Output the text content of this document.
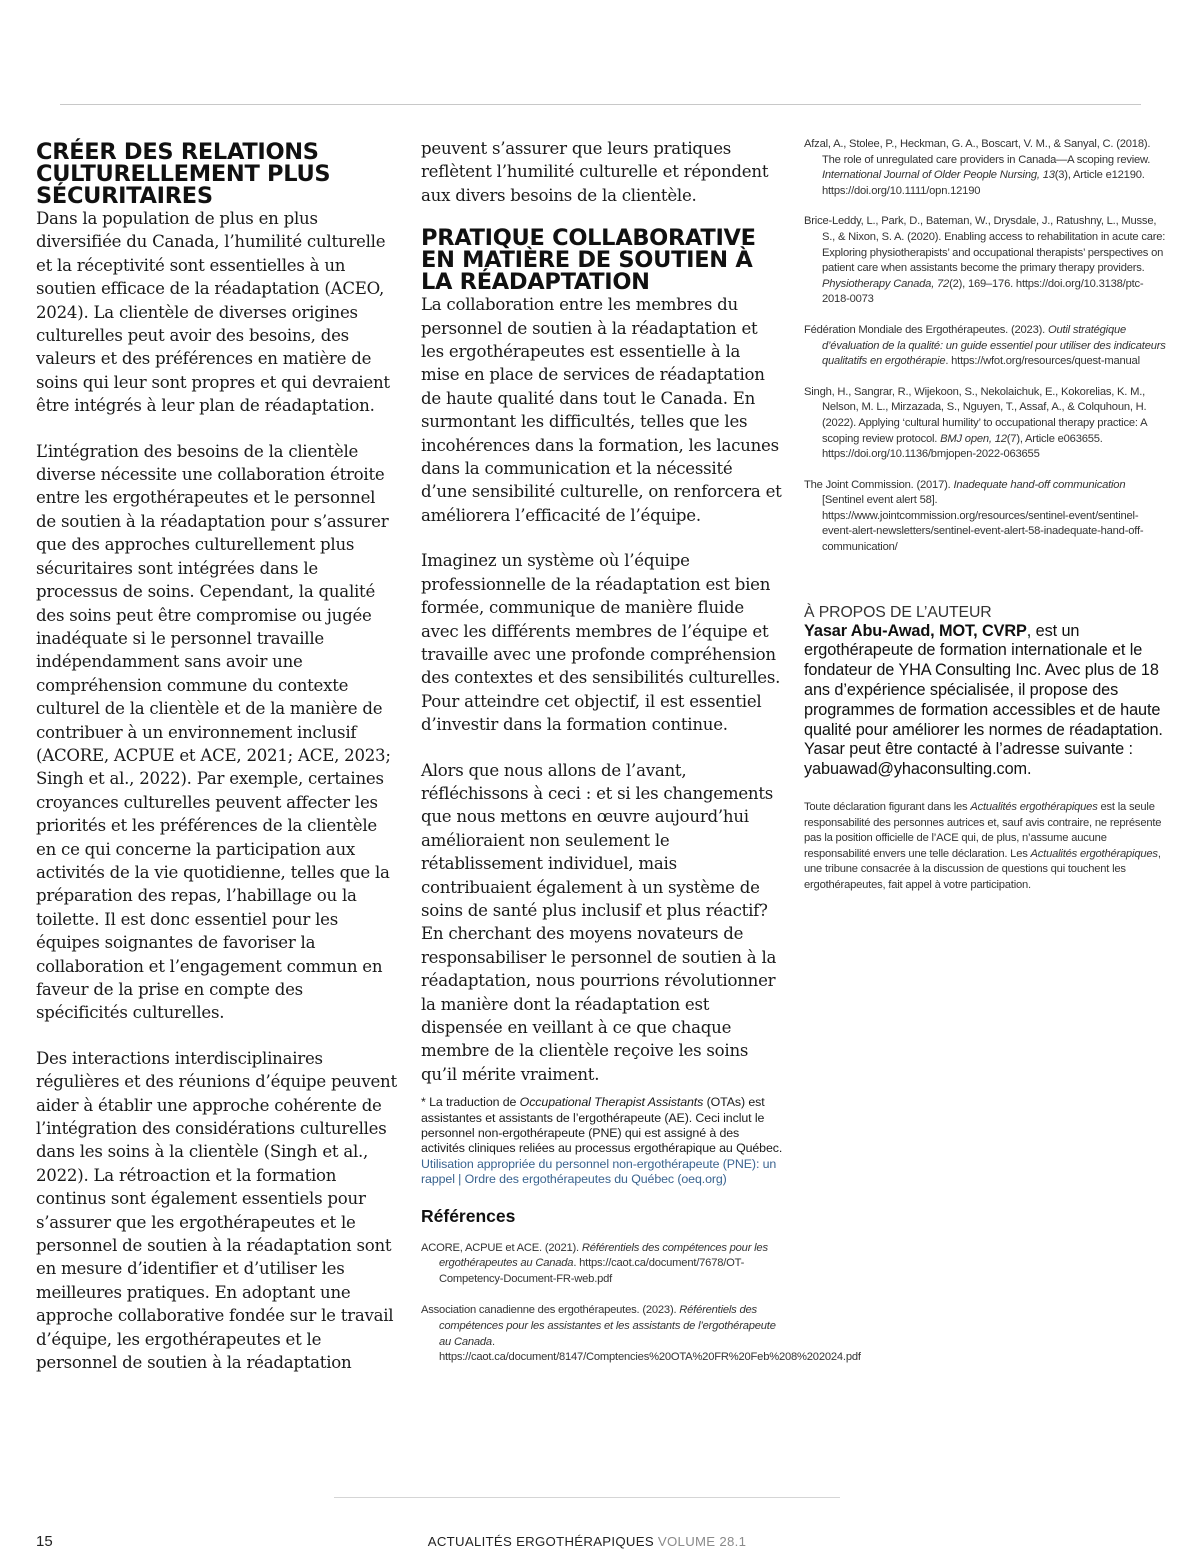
CRÉER DES RELATIONS CULTURELLEMENT PLUS SÉCURITAIRES

Dans la population de plus en plus diversifiée du Canada, l’humilité culturelle et la réceptivité sont essentielles à un soutien efficace de la réadaptation (ACEO, 2024). La clientèle de diverses origines culturelles peut avoir des besoins, des valeurs et des préférences en matière de soins qui leur sont propres et qui devraient être intégrés à leur plan de réadaptation.

L’intégration des besoins de la clientèle diverse nécessite une collaboration étroite entre les ergothérapeutes et le personnel de soutien à la réadaptation pour s’assurer que des approches culturellement plus sécuritaires sont intégrées dans le processus de soins. Cependant, la qualité des soins peut être compromise ou jugée inadéquate si le personnel travaille indépendamment sans avoir une compréhension commune du contexte culturel de la clientèle et de la manière de contribuer à un environnement inclusif (ACORE, ACPUE et ACE, 2021; ACE, 2023; Singh et al., 2022). Par exemple, certaines croyances culturelles peuvent affecter les priorités et les préférences de la clientèle en ce qui concerne la participation aux activités de la vie quotidienne, telles que la préparation des repas, l’habillage ou la toilette. Il est donc essentiel pour les équipes soignantes de favoriser la collaboration et l’engagement commun en faveur de la prise en compte des spécificités culturelles.

Des interactions interdisciplinaires régulières et des réunions d’équipe peuvent aider à établir une approche cohérente de l’intégration des considérations culturelles dans les soins à la clientèle (Singh et al., 2022). La rétroaction et la formation continus sont également essentiels pour s’assurer que les ergothérapeutes et le personnel de soutien à la réadaptation sont en mesure d’identifier et d’utiliser les meilleures pratiques. En adoptant une approche collaborative fondée sur le travail d’équipe, les ergothérapeutes et le personnel de soutien à la réadaptation

peuvent s’assurer que leurs pratiques reflètent l’humilité culturelle et répondent aux divers besoins de la clientèle.

PRATIQUE COLLABORATIVE EN MATIÈRE DE SOUTIEN À LA RÉADAPTATION

La collaboration entre les membres du personnel de soutien à la réadaptation et les ergothérapeutes est essentielle à la mise en place de services de réadaptation de haute qualité dans tout le Canada. En surmontant les difficultés, telles que les incohérences dans la formation, les lacunes dans la communication et la nécessité d’une sensibilité culturelle, on renforcera et améliorera l’efficacité de l’équipe.

Imaginez un système où l’équipe professionnelle de la réadaptation est bien formée, communique de manière fluide avec les différents membres de l’équipe et travaille avec une profonde compréhension des contextes et des sensibilités culturelles. Pour atteindre cet objectif, il est essentiel d’investir dans la formation continue.

Alors que nous allons de l’avant, réfléchissons à ceci : et si les changements que nous mettons en œuvre aujourd’hui amélioraient non seulement le rétablissement individuel, mais contribuaient également à un système de soins de santé plus inclusif et plus réactif? En cherchant des moyens novateurs de responsabiliser le personnel de soutien à la réadaptation, nous pourrions révolutionner la manière dont la réadaptation est dispensée en veillant à ce que chaque membre de la clientèle reçoive les soins qu’il mérite vraiment.

* La traduction de Occupational Therapist Assistants (OTAs) est assistantes et assistants de l’ergothérapeute (AE). Ceci inclut le personnel non-ergothérapeute (PNE) qui est assigné à des activités cliniques reliées au processus ergothérapique au Québec. Utilisation appropriée du personnel non-ergothérapeute (PNE): un rappel | Ordre des ergothérapeutes du Québec (oeq.org)
Références
ACORE, ACPUE et ACE. (2021). Référentiels des compétences pour les ergothérapeutes au Canada. https://caot.ca/document/7678/OT-Competency-Document-FR-web.pdf
Association canadienne des ergothérapeutes. (2023). Référentiels des compétences pour les assistantes et les assistants de l’ergothérapeute au Canada. https://caot.ca/document/8147/Comptencies%20OTA%20FR%20Feb%208%202024.pdf
Afzal, A., Stolee, P., Heckman, G. A., Boscart, V. M., & Sanyal, C. (2018). The role of unregulated care providers in Canada—A scoping review. International Journal of Older People Nursing, 13(3), Article e12190. https://doi.org/10.1111/opn.12190
Brice-Leddy, L., Park, D., Bateman, W., Drysdale, J., Ratushny, L., Musse, S., & Nixon, S. A. (2020). Enabling access to rehabilitation in acute care: Exploring physiotherapists’ and occupational therapists’ perspectives on patient care when assistants become the primary therapy providers. Physiotherapy Canada, 72(2), 169–176. https://doi.org/10.3138/ptc-2018-0073
Fédération Mondiale des Ergothérapeutes. (2023). Outil stratégique d’évaluation de la qualité: un guide essentiel pour utiliser des indicateurs qualitatifs en ergothérapie. https://wfot.org/resources/quest-manual
Singh, H., Sangrar, R., Wijekoon, S., Nekolaichuk, E., Kokorelias, K. M., Nelson, M. L., Mirzazada, S., Nguyen, T., Assaf, A., & Colquhoun, H. (2022). Applying ‘cultural humility’ to occupational therapy practice: A scoping review protocol. BMJ open, 12(7), Article e063655. https://doi.org/10.1136/bmjopen-2022-063655
The Joint Commission. (2017). Inadequate hand-off communication [Sentinel event alert 58]. https://www.jointcommission.org/resources/sentinel-event/sentinel-event-alert-newsletters/sentinel-event-alert-58-inadequate-hand-off-communication/
À PROPOS DE L’AUTEUR

Yasar Abu-Awad, MOT, CVRP, est un ergothérapeute de formation internationale et le fondateur de YHA Consulting Inc. Avec plus de 18 ans d’expérience spécialisée, il propose des programmes de formation accessibles et de haute qualité pour améliorer les normes de réadaptation. Yasar peut être contacté à l’adresse suivante : yabuawad@yhaconsulting.com.

Toute déclaration figurant dans les Actualités ergothérapiques est la seule responsabilité des personnes autrices et, sauf avis contraire, ne représente pas la position officielle de l’ACE qui, de plus, n’assume aucune responsabilité envers une telle déclaration. Les Actualités ergothérapiques, une tribune consacrée à la discussion de questions qui touchent les ergothérapeutes, fait appel à votre participation.
15	ACTUALITÉS ERGOTHÉRAPIQUES VOLUME 28.1
